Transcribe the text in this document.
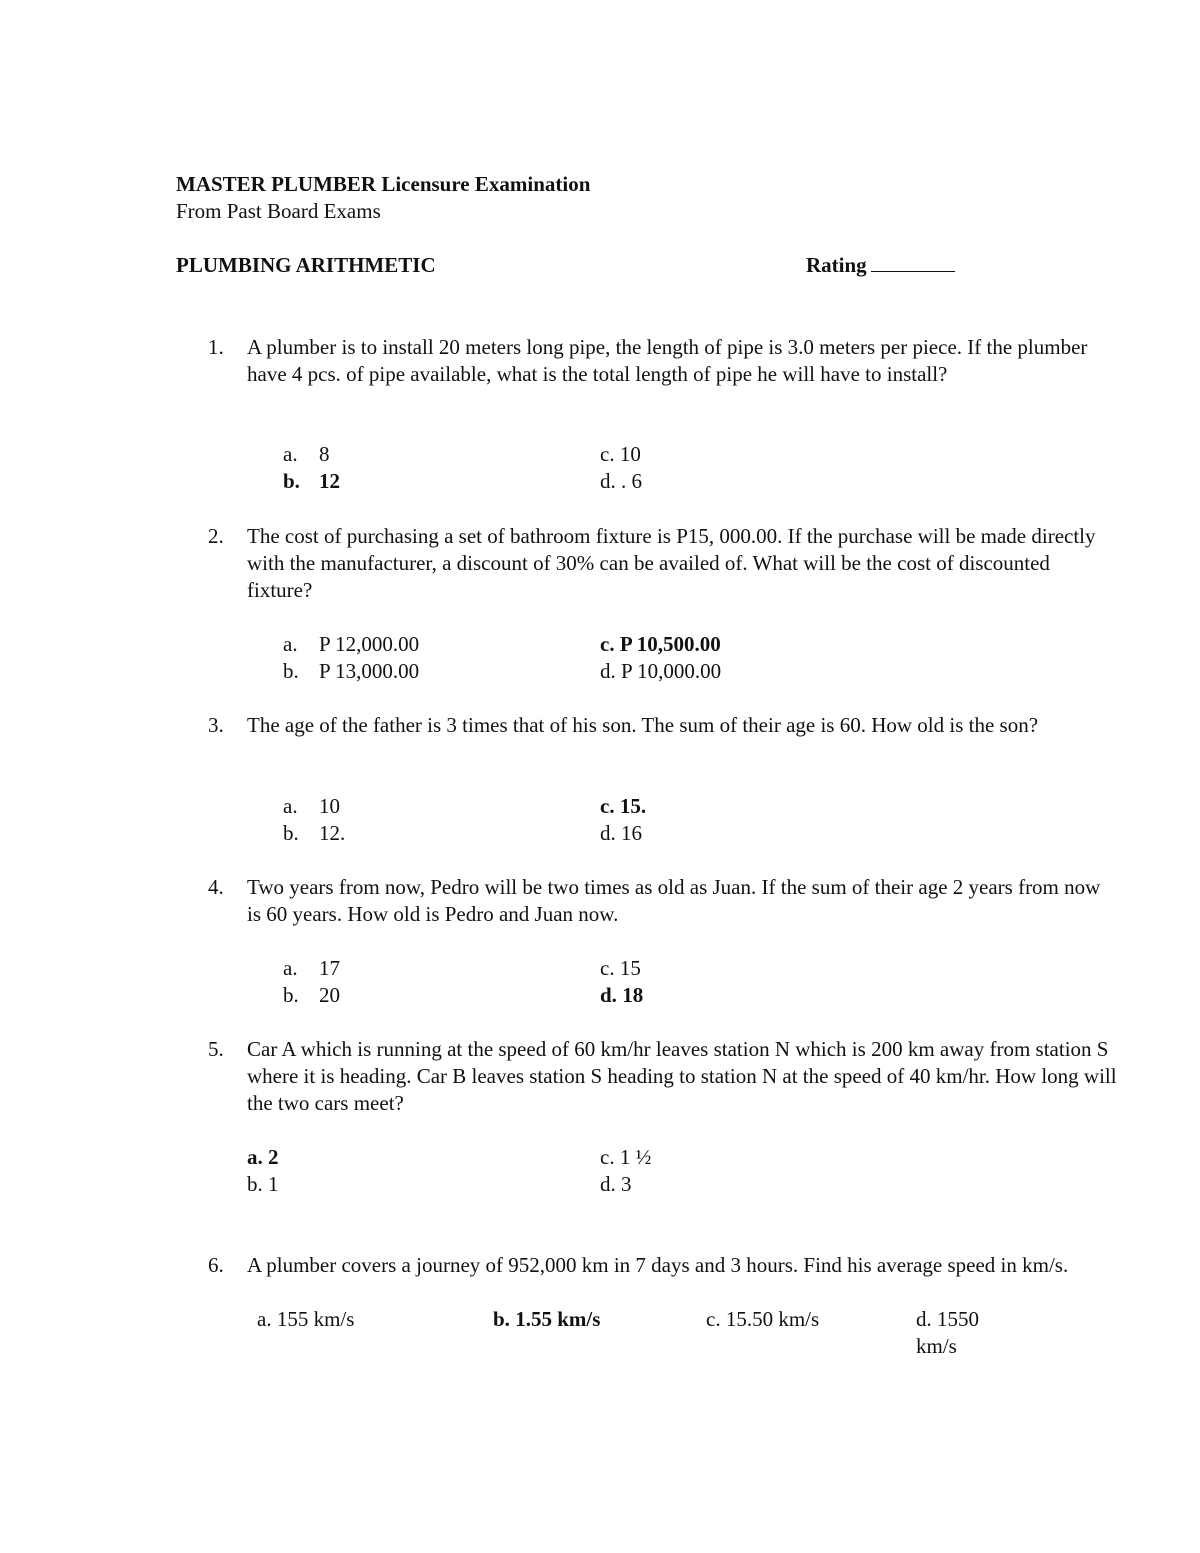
MASTER PLUMBER Licensure Examination
From Past Board Exams
PLUMBING ARITHMETIC	Rating
1. A plumber is to install 20 meters long pipe, the length of pipe is 3.0 meters per piece. If the plumber have 4 pcs. of pipe available, what is the total length of pipe he will have to install?
a. 8
b. 12
c. 10
d. . 6
2. The cost of purchasing a set of bathroom fixture is P15, 000.00. If the purchase will be made directly with the manufacturer, a discount of 30% can be availed of. What will be the cost of discounted fixture?
a. P 12,000.00
b. P 13,000.00
c. P 10,500.00
d. P 10,000.00
3. The age of the father is 3 times that of his son. The sum of their age is 60. How old is the son?
a. 10
b. 12.
c. 15.
d. 16
4. Two years from now, Pedro will be two times as old as Juan. If the sum of their age 2 years from now is 60 years. How old is Pedro and Juan now.
a. 17
b. 20
c. 15
d. 18
5. Car A which is running at the speed of 60 km/hr leaves station N which is 200 km away from station S where it is heading. Car B leaves station S heading to station N at the speed of 40 km/hr. How long will the two cars meet?
a. 2
b. 1
c. 1 ½
d. 3
6. A plumber covers a journey of 952,000 km in 7 days and 3 hours. Find his average speed in km/s.
a. 155 km/s	b. 1.55 km/s	c. 15.50 km/s	d. 1550 km/s
